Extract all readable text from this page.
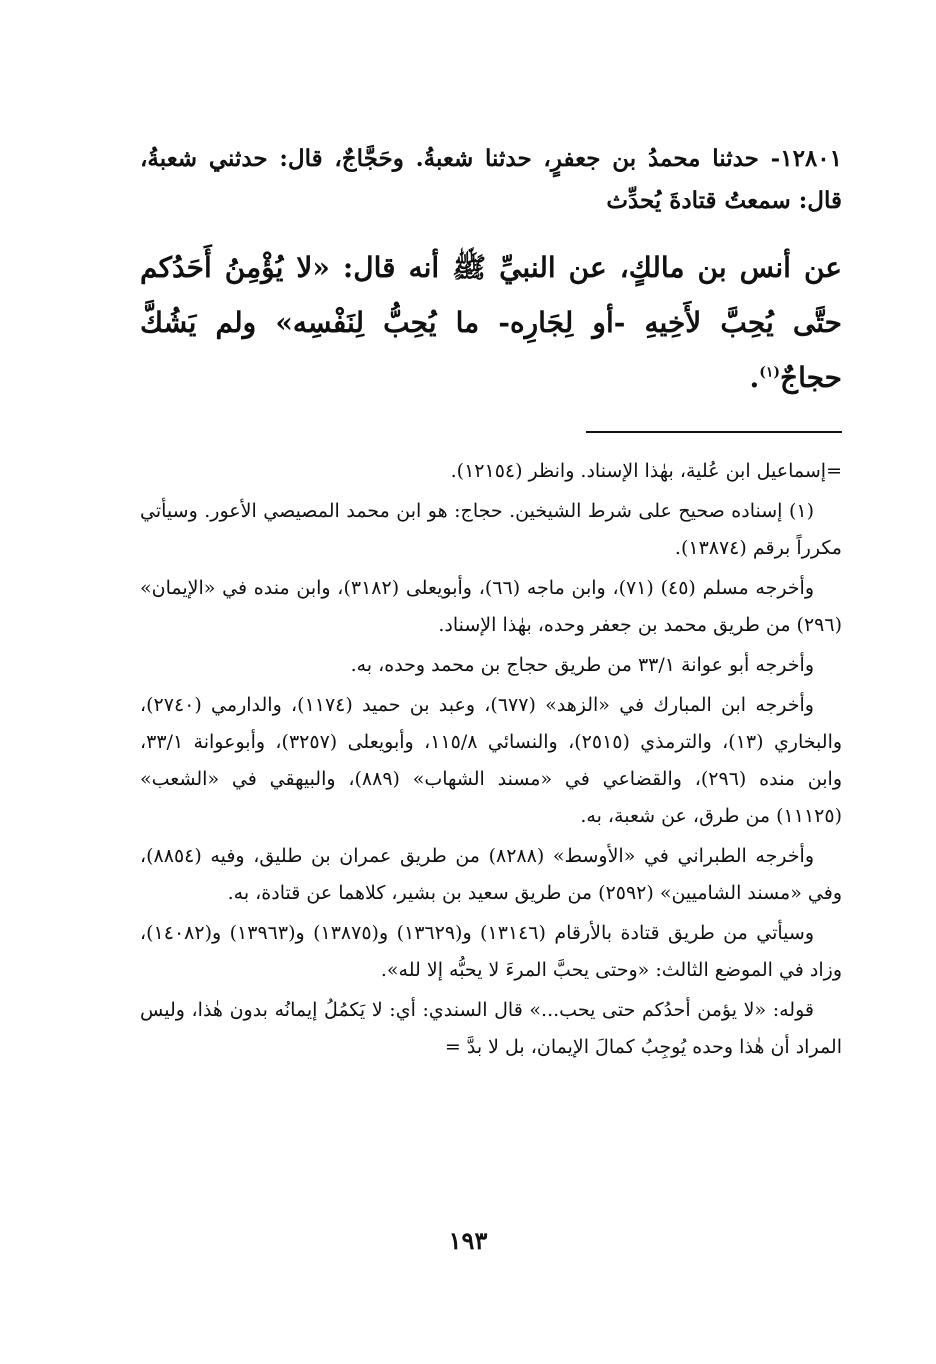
١٢٨٠١- حدثنا محمدُ بن جعفرٍ، حدثنا شعبةُ. وحَجَّاجٌ، قال: حدثني شعبةُ، قال: سمعتُ قتادةَ يُحدِّث

عن أنس بن مالكٍ، عن النبيِّ ﷺ أنه قال: «لا يُؤْمِنُ أَحَدُكم حتَّى يُحِبَّ لأَخِيهِ -أو لِجَارِه- ما يُحِبُّ لِنَفْسِه» ولم يَشُكَّ حجاجٌ$^{(١)}$.

=إسماعيل ابن عُلية، بهٰذا الإسناد. وانظر (١٢١٥٤).

(١) إسناده صحيح على شرط الشيخين. حجاج: هو ابن محمد المصيصي الأعور. وسيأتي مكرراً برقم (١٣٨٧٤).

وأخرجه مسلم (٤٥) (٧١)، وابن ماجه (٦٦)، وأبويعلى (٣١٨٢)، وابن منده في «الإيمان» (٢٩٦) من طريق محمد بن جعفر وحده، بهٰذا الإسناد.

وأخرجه أبو عوانة ٣٣/١ من طريق حجاج بن محمد وحده، به.

وأخرجه ابن المبارك في «الزهد» (٦٧٧)، وعبد بن حميد (١١٧٤)، والدارمي (٢٧٤٠)، والبخاري (١٣)، والترمذي (٢٥١٥)، والنسائي ١١٥/٨، وأبويعلى (٣٢٥٧)، وأبوعوانة ٣٣/١، وابن منده (٢٩٦)، والقضاعي في «مسند الشهاب» (٨٨٩)، والبيهقي في «الشعب» (١١١٢٥) من طرق، عن شعبة، به.

وأخرجه الطبراني في «الأوسط» (٨٢٨٨) من طريق عمران بن طليق، وفيه (٨٨٥٤)، وفي «مسند الشاميين» (٢٥٩٢) من طريق سعيد بن بشير، كلاهما عن قتادة، به.

وسيأتي من طريق قتادة بالأرقام (١٣١٤٦) و(١٣٦٢٩) و(١٣٨٧٥) و(١٣٩٦٣) و(١٤٠٨٢)، وزاد في الموضع الثالث: «وحتى يحبَّ المرءَ لا يحبُّه إلا لله».

قوله: «لا يؤمن أحدُكم حتى يحب...» قال السندي: أي: لا يَكمُلُ إيمانُه بدون هٰذا، وليس المراد أن هٰذا وحده يُوجِبُ كمالَ الإيمان، بل لا بدَّ =

١٩٣
